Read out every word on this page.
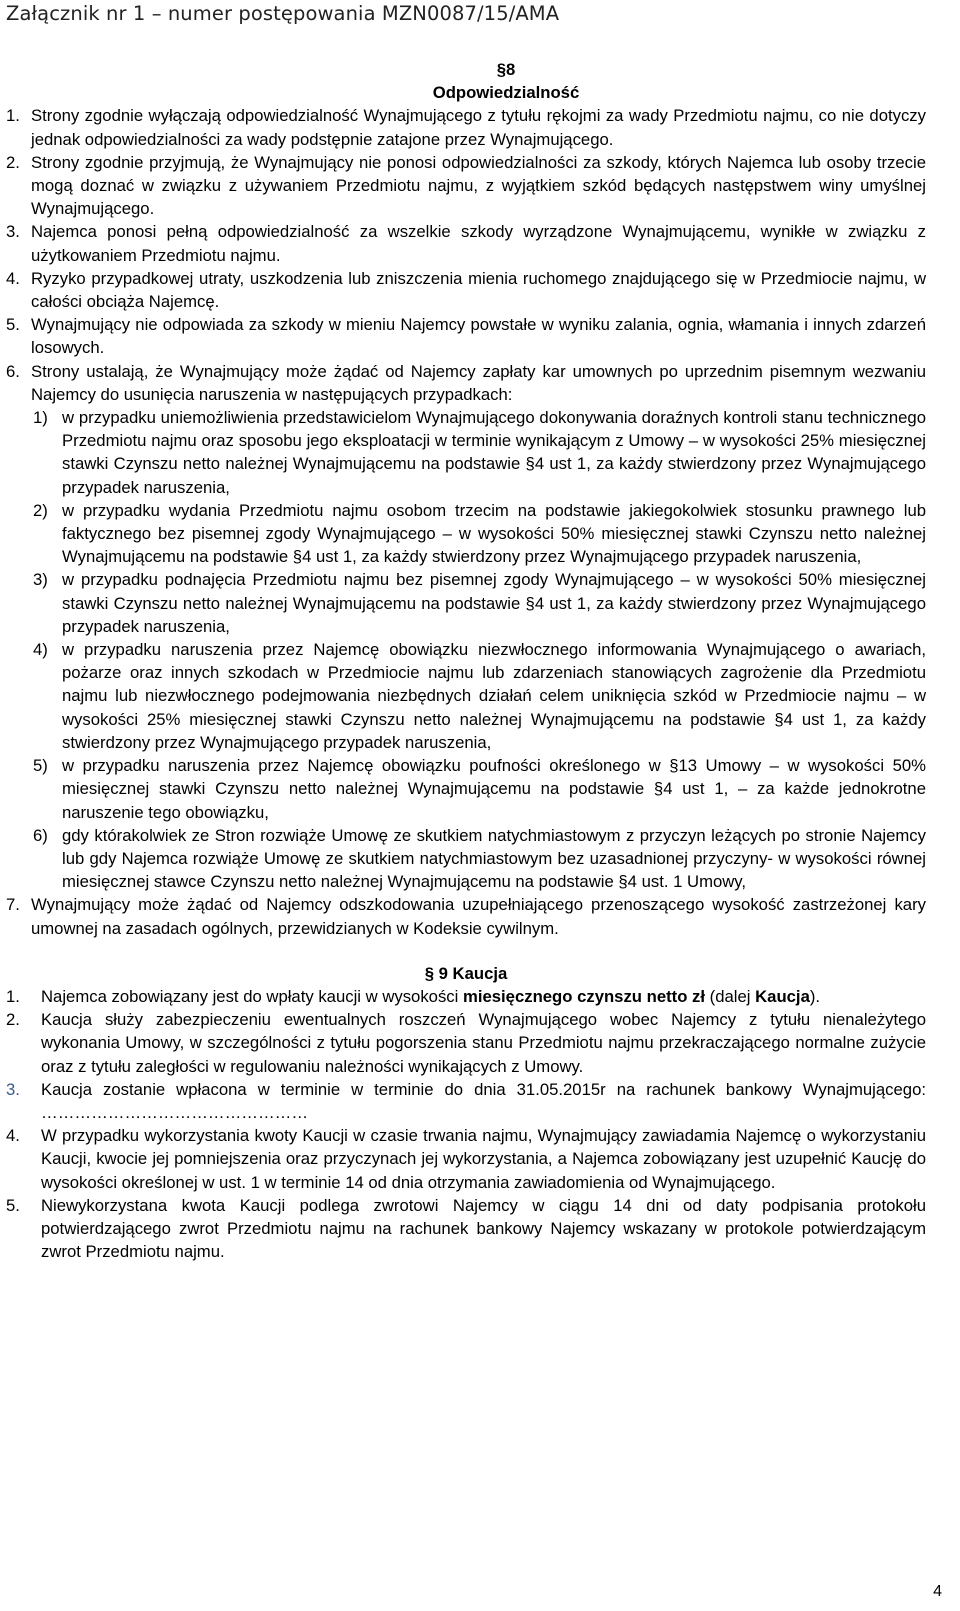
Załącznik nr 1 – numer postępowania MZN0087/15/AMA
§8
Odpowiedzialność
1. Strony zgodnie wyłączają odpowiedzialność Wynajmującego z tytułu rękojmi za wady Przedmiotu najmu, co nie dotyczy jednak odpowiedzialności za wady podstępnie zatajone przez Wynajmującego.
2. Strony zgodnie przyjmują, że Wynajmujący nie ponosi odpowiedzialności za szkody, których Najemca lub osoby trzecie mogą doznać w związku z używaniem Przedmiotu najmu, z wyjątkiem szkód będących następstwem winy umyślnej Wynajmującego.
3. Najemca ponosi pełną odpowiedzialność za wszelkie szkody wyrządzone Wynajmującemu, wynikłe w związku z użytkowaniem Przedmiotu najmu.
4. Ryzyko przypadkowej utraty, uszkodzenia lub zniszczenia mienia ruchomego znajdującego się w Przedmiocie najmu, w całości obciąża Najemcę.
5. Wynajmujący nie odpowiada za szkody w mieniu Najemcy powstałe w wyniku zalania, ognia, włamania i innych zdarzeń losowych.
6. Strony ustalają, że Wynajmujący może żądać od Najemcy zapłaty kar umownych po uprzednim pisemnym wezwaniu Najemcy do usunięcia naruszenia w następujących przypadkach:
1) w przypadku uniemożliwienia przedstawicielom Wynajmującego dokonywania doraźnych kontroli stanu technicznego Przedmiotu najmu oraz sposobu jego eksploatacji w terminie wynikającym z Umowy – w wysokości 25% miesięcznej stawki Czynszu netto należnej Wynajmującemu na podstawie §4 ust 1, za każdy stwierdzony przez Wynajmującego przypadek naruszenia,
2) w przypadku wydania Przedmiotu najmu osobom trzecim na podstawie jakiegokolwiek stosunku prawnego lub faktycznego bez pisemnej zgody Wynajmującego – w wysokości 50% miesięcznej stawki Czynszu netto należnej Wynajmującemu na podstawie §4 ust 1, za każdy stwierdzony przez Wynajmującego przypadek naruszenia,
3) w przypadku podnajęcia Przedmiotu najmu bez pisemnej zgody Wynajmującego – w wysokości 50% miesięcznej stawki Czynszu netto należnej Wynajmującemu na podstawie §4 ust 1, za każdy stwierdzony przez Wynajmującego przypadek naruszenia,
4) w przypadku naruszenia przez Najemcę obowiązku niezwłocznego informowania Wynajmującego o awariach, pożarze oraz innych szkodach w Przedmiocie najmu lub zdarzeniach stanowiących zagrożenie dla Przedmiotu najmu lub niezwłocznego podejmowania niezbędnych działań celem uniknięcia szkód w Przedmiocie najmu – w wysokości 25% miesięcznej stawki Czynszu netto należnej Wynajmującemu na podstawie §4 ust 1, za każdy stwierdzony przez Wynajmującego przypadek naruszenia,
5) w przypadku naruszenia przez Najemcę obowiązku poufności określonego w §13 Umowy – w wysokości 50% miesięcznej stawki Czynszu netto należnej Wynajmującemu na podstawie §4 ust 1, – za każde jednokrotne naruszenie tego obowiązku,
6) gdy którakolwiek ze Stron rozwiąże Umowę ze skutkiem natychmiastowym z przyczyn leżących po stronie Najemcy lub gdy Najemca rozwiąże Umowę ze skutkiem natychmiastowym bez uzasadnionej przyczyny- w wysokości równej miesięcznej stawce Czynszu netto należnej Wynajmującemu na podstawie §4 ust. 1 Umowy,
7. Wynajmujący może żądać od Najemcy odszkodowania uzupełniającego przenoszącego wysokość zastrzeżonej kary umownej na zasadach ogólnych, przewidzianych w Kodeksie cywilnym.
§ 9 Kaucja
1. Najemca zobowiązany jest do wpłaty kaucji w wysokości miesięcznego czynszu netto zł (dalej Kaucja).
2. Kaucja służy zabezpieczeniu ewentualnych roszczeń Wynajmującego wobec Najemcy z tytułu nienależytego wykonania Umowy, w szczególności z tytułu pogorszenia stanu Przedmiotu najmu przekraczającego normalne zużycie oraz z tytułu zaległości w regulowaniu należności wynikających z Umowy.
3. Kaucja zostanie wpłacona w terminie w terminie do dnia 31.05.2015r na rachunek bankowy Wynajmującego: …………………………………………
4. W przypadku wykorzystania kwoty Kaucji w czasie trwania najmu, Wynajmujący zawiadamia Najemcę o wykorzystaniu Kaucji, kwocie jej pomniejszenia oraz przyczynach jej wykorzystania, a Najemca zobowiązany jest uzupełnić Kaucję do wysokości określonej w ust. 1 w terminie 14 od dnia otrzymania zawiadomienia od Wynajmującego.
5. Niewykorzystana kwota Kaucji podlega zwrotowi Najemcy w ciągu 14 dni od daty podpisania protokołu potwierdzającego zwrot Przedmiotu najmu na rachunek bankowy Najemcy wskazany w protokole potwierdzającym zwrot Przedmiotu najmu.
4
